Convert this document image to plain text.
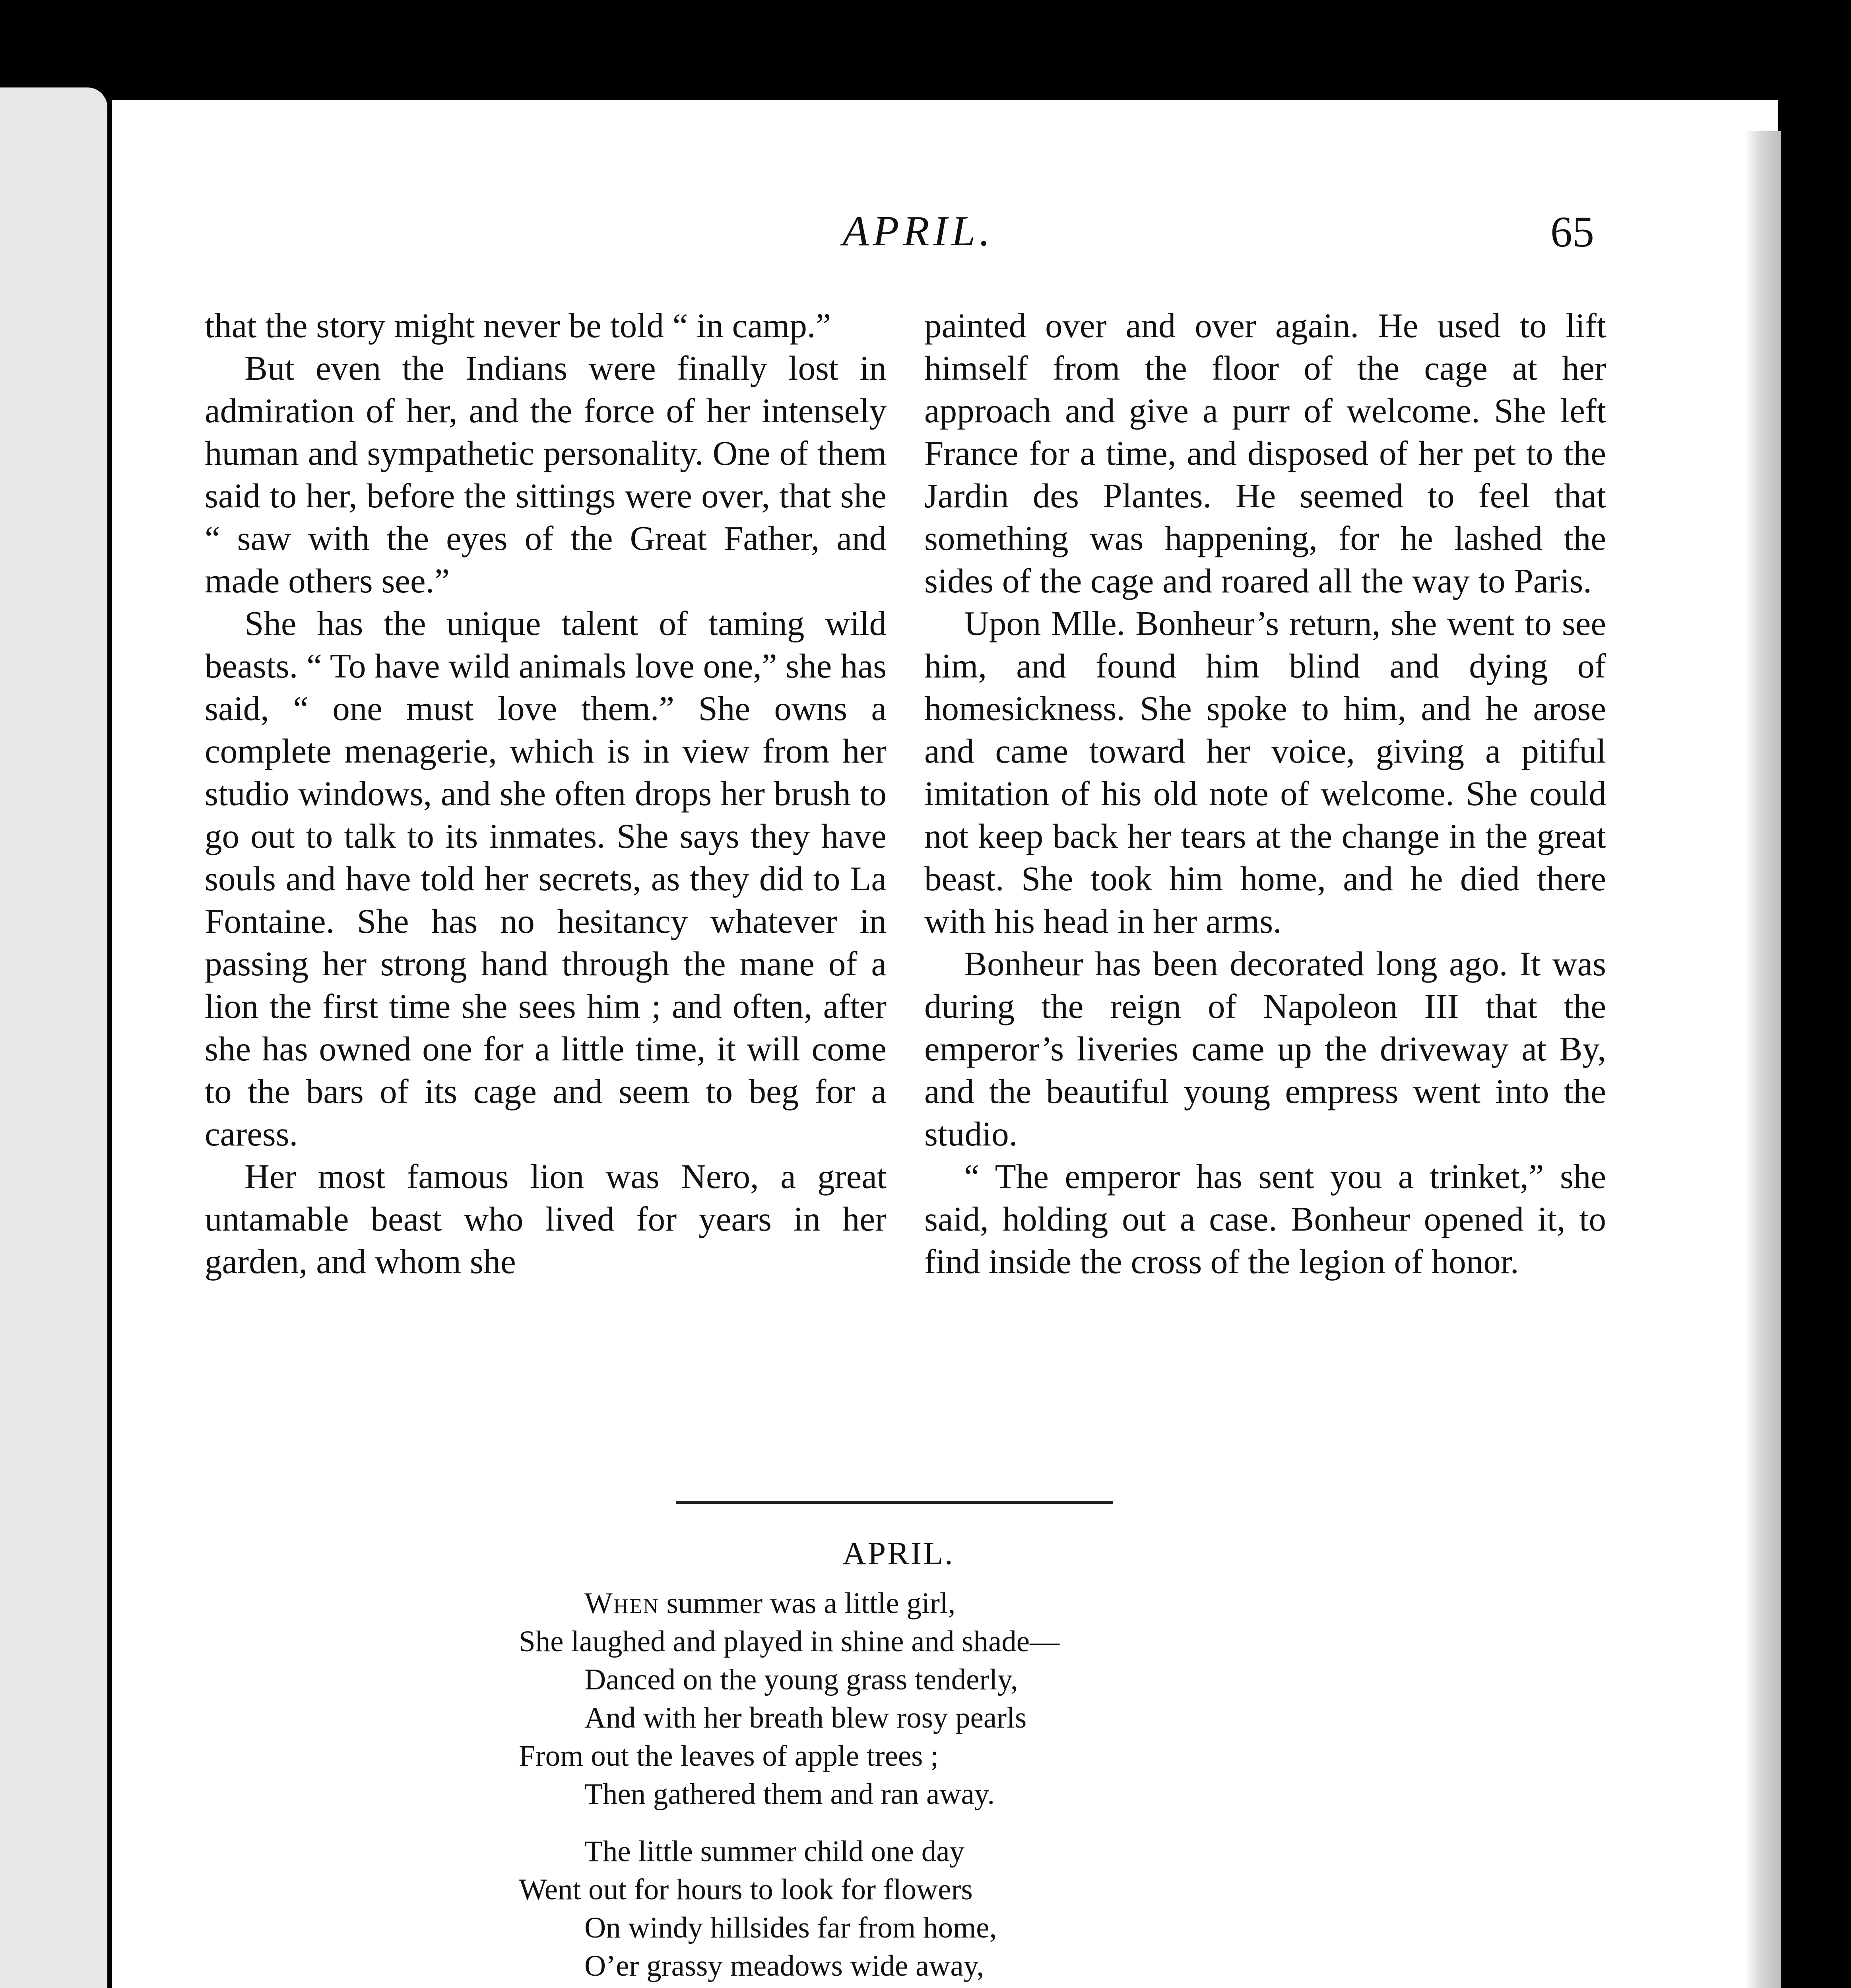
APRIL.	65

that the story might never be told “ in camp.”

But even the Indians were finally lost in admiration of her, and the force of her intensely human and sympathetic personality. One of them said to her, before the sittings were over, that she “ saw with the eyes of the Great Father, and made others see.”

She has the unique talent of taming wild beasts. “ To have wild animals love one,” she has said, “ one must love them.” She owns a complete menagerie, which is in view from her studio windows, and she often drops her brush to go out to talk to its inmates. She says they have souls and have told her secrets, as they did to La Fontaine. She has no hesitancy whatever in passing her strong hand through the mane of a lion the first time she sees him ; and often, after she has owned one for a little time, it will come to the bars of its cage and seem to beg for a caress.

Her most famous lion was Nero, a great untamable beast who lived for years in her garden, and whom she

painted over and over again. He used to lift himself from the floor of the cage at her approach and give a purr of welcome. She left France for a time, and disposed of her pet to the Jardin des Plantes. He seemed to feel that something was happening, for he lashed the sides of the cage and roared all the way to Paris.

Upon Mlle. Bonheur’s return, she went to see him, and found him blind and dying of homesickness. She spoke to him, and he arose and came toward her voice, giving a pitiful imitation of his old note of welcome. She could not keep back her tears at the change in the great beast. She took him home, and he died there with his head in her arms.

Bonheur has been decorated long ago. It was during the reign of Napoleon III that the emperor’s liveries came up the driveway at By, and the beautiful young empress went into the studio.

“ The emperor has sent you a trinket,” she said, holding out a case. Bonheur opened it, to find inside the cross of the legion of honor.

APRIL.
When summer was a little girl,
She laughed and played in shine and shade—
Danced on the young grass tenderly,
And with her breath blew rosy pearls
From out the leaves of apple trees ;
Then gathered them and ran away.
The little summer child one day
Went out for hours to look for flowers
On windy hillsides far from home,
O’er grassy meadows wide away,
